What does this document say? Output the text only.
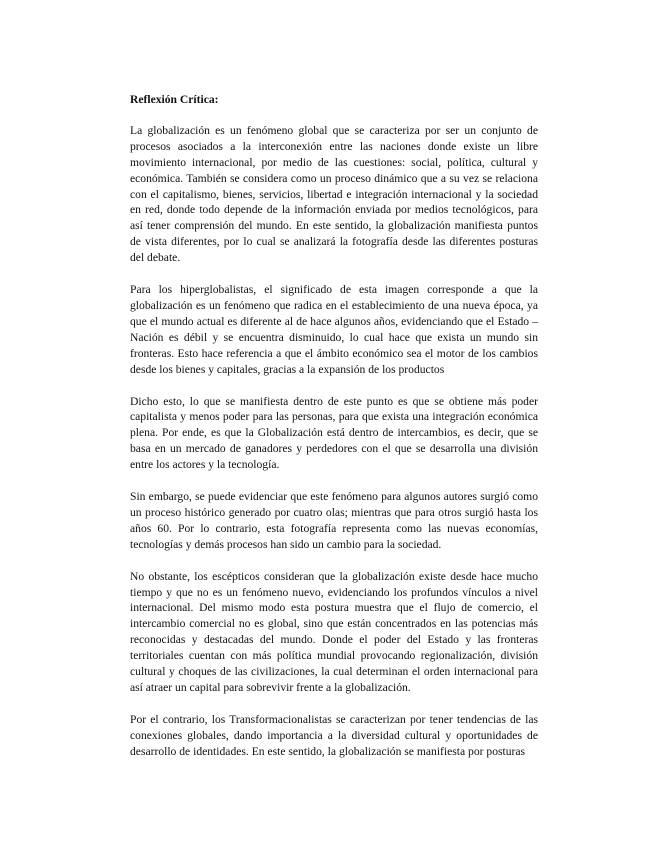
Reflexión Crítica:

La globalización es un fenómeno global que se caracteriza por ser un conjunto de procesos asociados a la interconexión entre las naciones donde existe un libre movimiento internacional, por medio de las cuestiones: social, política, cultural y económica. También se considera como un proceso dinámico que a su vez se relaciona con el capitalismo, bienes, servicios, libertad e integración internacional y la sociedad en red, donde todo depende de la información enviada por medios tecnológicos, para así tener comprensión del mundo. En este sentido, la globalización manifiesta puntos de vista diferentes, por lo cual se analizará la fotografía desde las diferentes posturas del debate.

Para los hiperglobalistas, el significado de esta imagen corresponde a que la globalización es un fenómeno que radica en el establecimiento de una nueva época, ya que el mundo actual es diferente al de hace algunos años, evidenciando que el Estado – Nación es débil y se encuentra disminuido, lo cual hace que exista un mundo sin fronteras. Esto hace referencia a que el ámbito económico sea el motor de los cambios desde los bienes y capitales, gracias a la expansión de los productos

Dicho esto, lo que se manifiesta dentro de este punto es que se obtiene más poder capitalista y menos poder para las personas, para que exista una integración económica plena. Por ende, es que la Globalización está dentro de intercambios, es decir, que se basa en un mercado de ganadores y perdedores con el que se desarrolla una división entre los actores y la tecnología.

Sin embargo, se puede evidenciar que este fenómeno para algunos autores surgió como un proceso histórico generado por cuatro olas; mientras que para otros surgió hasta los años 60. Por lo contrario, esta fotografía representa como las nuevas economías, tecnologías y demás procesos han sido un cambio para la sociedad.

No obstante, los escépticos consideran que la globalización existe desde hace mucho tiempo y que no es un fenómeno nuevo, evidenciando los profundos vínculos a nivel internacional. Del mismo modo esta postura muestra que el flujo de comercio, el intercambio comercial no es global, sino que están concentrados en las potencias más reconocidas y destacadas del mundo. Donde el poder del Estado y las fronteras territoriales cuentan con más política mundial provocando regionalización, división cultural y choques de las civilizaciones, la cual determinan el orden internacional para así atraer un capital para sobrevivir frente a la globalización.

Por el contrario, los Transformacionalistas se caracterizan por tener tendencias de las conexiones globales, dando importancia a la diversidad cultural y oportunidades de desarrollo de identidades. En este sentido, la globalización se manifiesta por posturas
